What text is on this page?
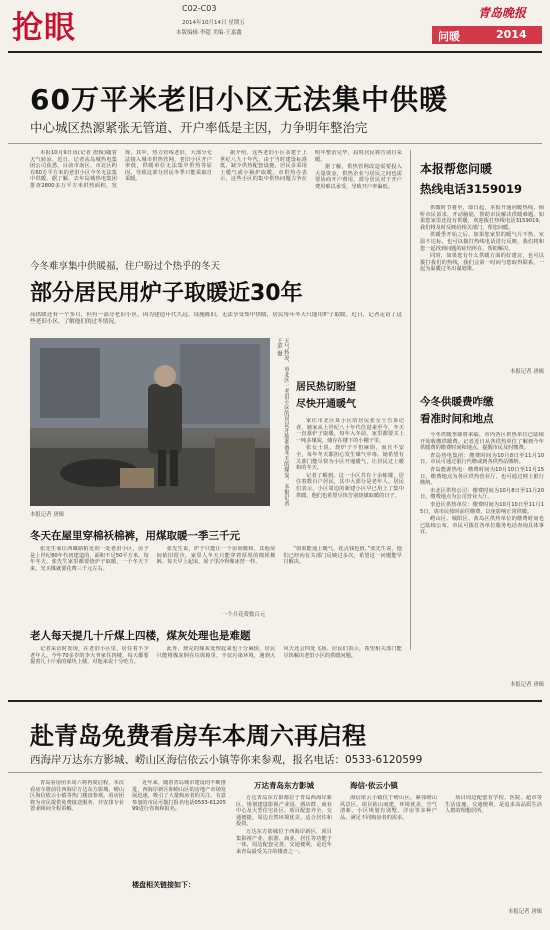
抢眼
C02-C03
2014年10月14日 星期五
本版编辑·李超 美编·王嘉鑫
青岛晚报
问暖	2014
60万平米老旧小区无法集中供暖
中心城区热源紧张无管道、开户率低是主因，力争明年整治完

本报10月9日讯(记者 唐辑)随着天气转凉，近日，记者从岛城热电集团公司获悉，目前市南区、市北区约有60万平方米的老旧小区今冬无法集中供暖。据了解，去年岛城热电集团排查2800多万平方米供热面积，发现，其中，热力管线老旧，大部分无法接入城市供热管网，老旧小区开户率低，供暖单位无法集中供热等原因，导致这部分居民冬季只能采取自采暖。

据介绍，这些老旧小区多建于上世纪八九十年代，由于当时建设标准低，缺少供热配套设施，居民多采用土暖气或小锅炉取暖。市供热办表示，这些小区的集中供热问题力争在明年整治完毕，届时居民将告别自采暖。

据了解，供热管网改造需要投入大量资金，供热企业与居民之间也需要协商开户费用，部分居民对于开户费用难以承受，导致开户率偏低。

本报帮您问暖
热线电话3159019

供暖时节将至，即日起，本报开通问暖热线，倾听市民诉求，开动脑筋，帮助市民解决供暖难题。如果您家里还没有供暖，欢迎拨打热线电话3159019，我们将及时反映给相关部门，帮您问暖。

供暖季开始之后，如果您家里的暖气片不热、室温不达标，也可以拨打热线电话进行反映，我们将和您一起找到问题的症结所在，帮助解决。

同时，如果您有什么供暖方面的好建议，也可以拨打我们的热线，我们会第一时间与您取得联系，一起为温暖过冬出谋划策。

本报记者 唐辑
今冬难享集中供暖福，住户盼过个热乎的冬天
部分居民用炉子取暖近30年
高供暖还有一个多月，但有一部分老旧小区，因为建造年代久远、设施陈旧，无法享受集中供暖，居民每年冬天只能用炉子取暖。近日，记者走访了这些老旧小区，了解他们的过冬情况。
天气转凉，市北区一老旧小区的居民开始准备冬天的煤炭。本报记者 王滨 摄
本报记者 唐辑
居民热切盼望
尽快开通暖气

家住市北区某小区的居民张女士告诉记者，她家从上世纪八十年代住进来至今，冬天一直靠炉子取暖，每年入冬前，家里都要买上一吨多煤炭，储存在楼下的小棚子里。

张女士说，烧炉子不但麻烦，而且不安全，每年冬天都担心发生煤气中毒。她希望有关部门能尽快为小区开通暖气，让居民过上暖和的冬天。

记者了解到，这一小区共有十余栋楼，居住着数百户居民，其中大部分是老年人。居民们表示，小区周边的新建小区早已用上了集中供暖，他们也希望尽快告别烧煤取暖的日子。

冬天在屋里穿棉袄棉裤，用煤取暖一季三千元

张先生家住西藏路附近的一处老旧小区，房子是上世纪80年代初建造的，面积不足50平方米。每年冬天，张先生家里都要烧炉子取暖，一个冬天下来，光买煤就要花费三千元左右。

张先生说，炉子只能让一个房间暖和，其他房间依旧很冷，家里人冬天只能穿着厚厚的棉袄棉裤。每天早上起床，屋子里冷得像冰窖一样。

“如果能通上暖气，花点钱也值。”张先生说，他们已经向有关部门反映过多次，希望这一问题能早日解决。

一个月花费数百元
老人每天提几十斤煤上四楼，煤灰处理也是难题

记者采访时发现，在老旧小区里，居住着不少老年人。今年70多岁的李大爷家住四楼，每天都要提着几十斤重的煤块上楼，对他来说十分吃力。

此外，烧完的煤灰处理起来也十分麻烦，居民只能将煤灰倒在垃圾箱里，不仅污染环境，遇到大风天还会四处飞扬。居民们表示，希望相关部门能尽快解决老旧小区的供暖问题。

今冬供暖费咋缴
看准时间和地点

今冬供暖季即将来临，市内各区供热单位已陆续开始收缴供暖费。记者近日从各供热单位了解到今年供暖费的缴费时间和地点，提醒市民及时缴费。

青岛热电集团：缴费时间为10月8日至11月10日，市民可通过银行代缴或到各供热站缴纳。

青岛能源热电：缴费时间为10月10日至11月15日，缴费地点为各区供热营业厅，也可通过网上银行缴纳。

市北区供热公司：缴费时间为10月8日至11月20日，缴费地点为公司营业大厅。

李沧区供热单位：缴费时间为10月10日至11月15日，请市民按时前往缴费，以免影响正常供暖。

崂山区、城阳区、黄岛区供热单位的缴费时间也已陆续公布，市民可拨打各单位服务电话查询具体事宜。

本报记者 唐辑
赴青岛免费看房车本周六再启程
西海岸万达东方影城、崂山区海信依云小镇等你来参观，报名电话：0533-6120599

青岛看房团本周六将再度启程，本次看房车将前往西海岸万达东方影城、崂山区海信依云小镇等热门楼盘参观。看房团将为市民提供免费接送服务，并安排专业置业顾问全程讲解。

近年来，随着青岛城市建设的不断推进，西海岸新区和崂山区的房地产市场发展迅速，吸引了大量购房者的关注。有意参加的市民可拨打报名电话0533-6120599进行咨询和报名。

楼盘相关链接如下：
万达青岛东方影城

万达青岛东方影都位于青岛西海岸新区，规划建设影视产业园、酒店群、商业中心及大型住宅社区，项目配套齐全，交通便捷，周边自然环境优美，适合居住和投资。

万达东方影城位于西海岸新区，项目集影视产业、旅游、商业、居住等功能于一体，周边配套完善，交通便利，是近年来青岛最受关注的楼盘之一。

海信·依云小镇

海信依云小镇位于崂山区，紧邻崂山风景区，项目依山而建，环境优美，空气清新。小区规划有别墅、洋房等多种产品，满足不同购房者的需求。

项目周边配套有学校、医院、超市等生活设施，交通便利，是追求高品质生活人群的理想居所。

本报记者 唐辑
